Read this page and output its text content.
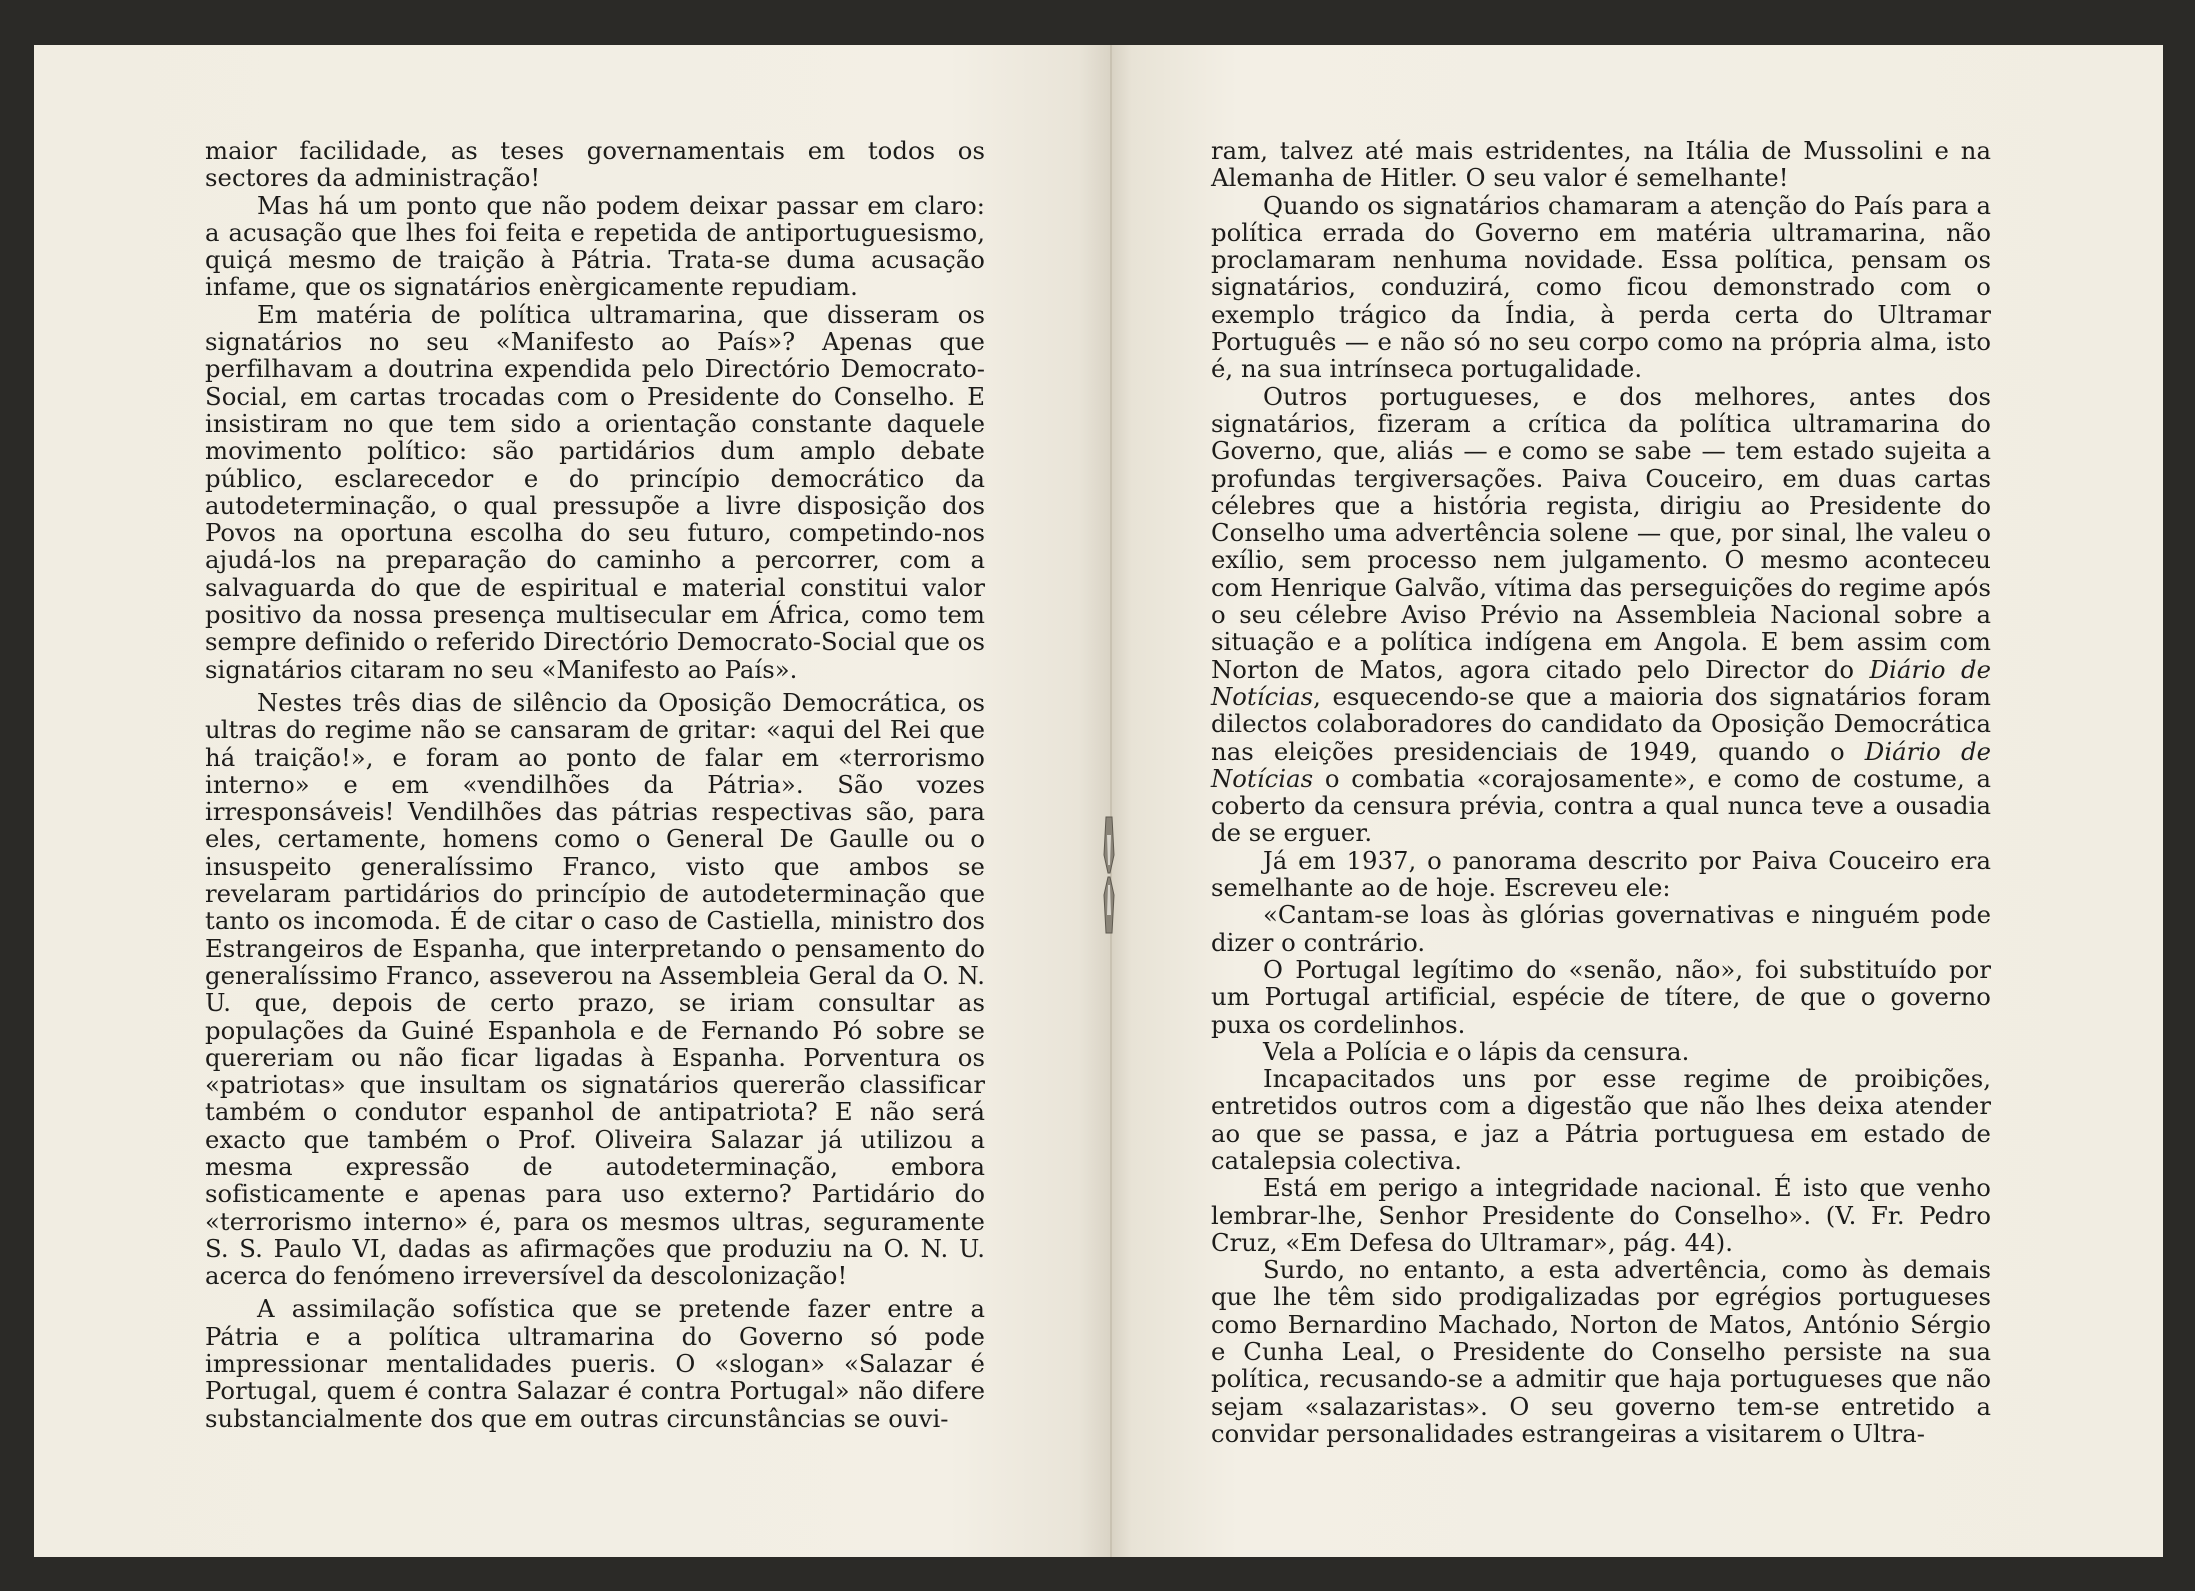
maior facilidade, as teses governamentais em todos os sectores da administração!

Mas há um ponto que não podem deixar passar em claro: a acusação que lhes foi feita e repetida de antiportuguesismo, quiçá mesmo de traição à Pátria. Trata-se duma acusação infame, que os signatários enèrgicamente repudiam.

Em matéria de política ultramarina, que disseram os signatários no seu «Manifesto ao País»? Apenas que perfilhavam a doutrina expendida pelo Directório Democrato-Social, em cartas trocadas com o Presidente do Conselho. E insistiram no que tem sido a orientação constante daquele movimento político: são partidários dum amplo debate público, esclarecedor e do princípio democrático da autodeterminação, o qual pressupõe a livre disposição dos Povos na oportuna escolha do seu futuro, competindo-nos ajudá-los na preparação do caminho a percorrer, com a salvaguarda do que de espiritual e material constitui valor positivo da nossa presença multisecular em África, como tem sempre definido o referido Directório Democrato-Social que os signatários citaram no seu «Manifesto ao País».

Nestes três dias de silêncio da Oposição Democrática, os ultras do regime não se cansaram de gritar: «aqui del Rei que há traição!», e foram ao ponto de falar em «terrorismo interno» e em «vendilhões da Pátria». São vozes irresponsáveis! Vendilhões das pátrias respectivas são, para eles, certamente, homens como o General De Gaulle ou o insuspeito generalíssimo Franco, visto que ambos se revelaram partidários do princípio de autodeterminação que tanto os incomoda. É de citar o caso de Castiella, ministro dos Estrangeiros de Espanha, que interpretando o pensamento do generalíssimo Franco, asseverou na Assembleia Geral da O. N. U. que, depois de certo prazo, se iriam consultar as populações da Guiné Espanhola e de Fernando Pó sobre se quereriam ou não ficar ligadas à Espanha. Porventura os «patriotas» que insultam os signatários quererão classificar também o condutor espanhol de antipatriota? E não será exacto que também o Prof. Oliveira Salazar já utilizou a mesma expressão de autodeterminação, embora sofisticamente e apenas para uso externo? Partidário do «terrorismo interno» é, para os mesmos ultras, seguramente S. S. Paulo VI, dadas as afirmações que produziu na O. N. U. acerca do fenómeno irreversível da descolonização!

A assimilação sofística que se pretende fazer entre a Pátria e a política ultramarina do Governo só pode impressionar mentalidades pueris. O «slogan» «Salazar é Portugal, quem é contra Salazar é contra Portugal» não difere substancialmente dos que em outras circunstâncias se ouvi-

ram, talvez até mais estridentes, na Itália de Mussolini e na Alemanha de Hitler. O seu valor é semelhante!

Quando os signatários chamaram a atenção do País para a política errada do Governo em matéria ultramarina, não proclamaram nenhuma novidade. Essa política, pensam os signatários, conduzirá, como ficou demonstrado com o exemplo trágico da Índia, à perda certa do Ultramar Português — e não só no seu corpo como na própria alma, isto é, na sua intrínseca portugalidade.

Outros portugueses, e dos melhores, antes dos signatários, fizeram a crítica da política ultramarina do Governo, que, aliás — e como se sabe — tem estado sujeita a profundas tergiversações. Paiva Couceiro, em duas cartas célebres que a história regista, dirigiu ao Presidente do Conselho uma advertência solene — que, por sinal, lhe valeu o exílio, sem processo nem julgamento. O mesmo aconteceu com Henrique Galvão, vítima das perseguições do regime após o seu célebre Aviso Prévio na Assembleia Nacional sobre a situação e a política indígena em Angola. E bem assim com Norton de Matos, agora citado pelo Director do Diário de Notícias, esquecendo-se que a maioria dos signatários foram dilectos colaboradores do candidato da Oposição Democrática nas eleições presidenciais de 1949, quando o Diário de Notícias o combatia «corajosamente», e como de costume, a coberto da censura prévia, contra a qual nunca teve a ousadia de se erguer.

Já em 1937, o panorama descrito por Paiva Couceiro era semelhante ao de hoje. Escreveu ele:

«Cantam-se loas às glórias governativas e ninguém pode dizer o contrário.

O Portugal legítimo do «senão, não», foi substituído por um Portugal artificial, espécie de títere, de que o governo puxa os cordelinhos.

Vela a Polícia e o lápis da censura.

Incapacitados uns por esse regime de proibições, entretidos outros com a digestão que não lhes deixa atender ao que se passa, e jaz a Pátria portuguesa em estado de catalepsia colectiva.

Está em perigo a integridade nacional. É isto que venho lembrar-lhe, Senhor Presidente do Conselho». (V. Fr. Pedro Cruz, «Em Defesa do Ultramar», pág. 44).

Surdo, no entanto, a esta advertência, como às demais que lhe têm sido prodigalizadas por egrégios portugueses como Bernardino Machado, Norton de Matos, António Sérgio e Cunha Leal, o Presidente do Conselho persiste na sua política, recusando-se a admitir que haja portugueses que não sejam «salazaristas». O seu governo tem-se entretido a convidar personalidades estrangeiras a visitarem o Ultra-
